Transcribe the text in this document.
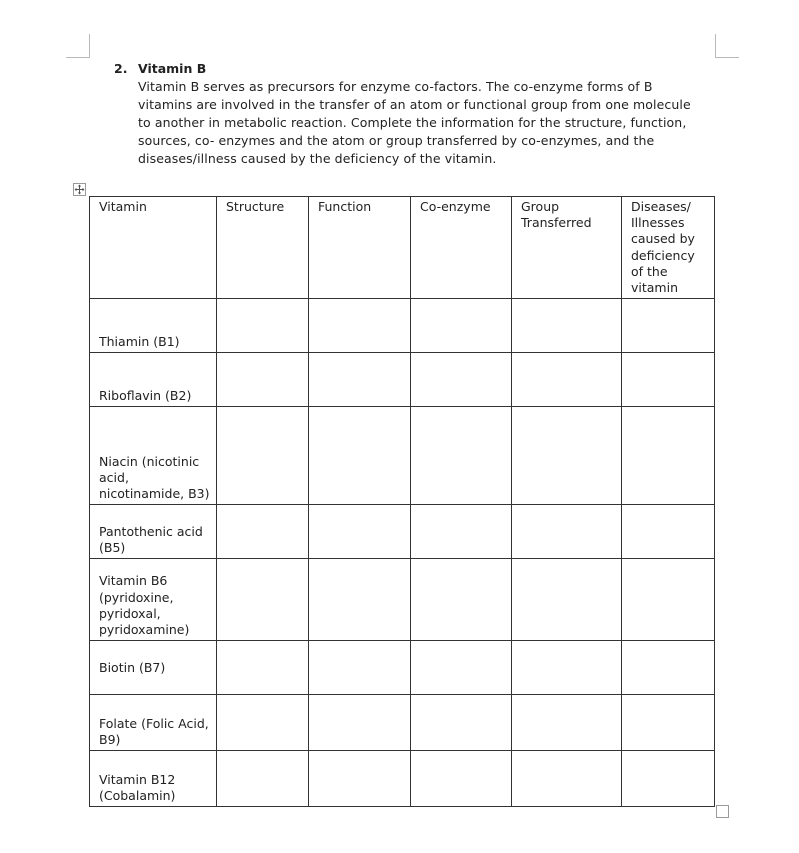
2. Vitamin B
Vitamin B serves as precursors for enzyme co-factors. The co-enzyme forms of B
vitamins are involved in the transfer of an atom or functional group from one molecule
to another in metabolic reaction. Complete the information for the structure, function,
sources, co- enzymes and the atom or group transferred by co-enzymes, and the
diseases/illness caused by the deficiency of the vitamin.
Vitamin	Structure	Function	Co-enzyme	Group Transferred	Diseases/ Illnesses caused by deficiency of the vitamin
Thiamin (B1)					
Riboflavin (B2)					
Niacin (nicotinic acid, nicotinamide, B3)					
Pantothenic acid (B5)					
Vitamin B6 (pyridoxine, pyridoxal, pyridoxamine)					
Biotin (B7)					
Folate (Folic Acid, B9)					
Vitamin B12 (Cobalamin)					
